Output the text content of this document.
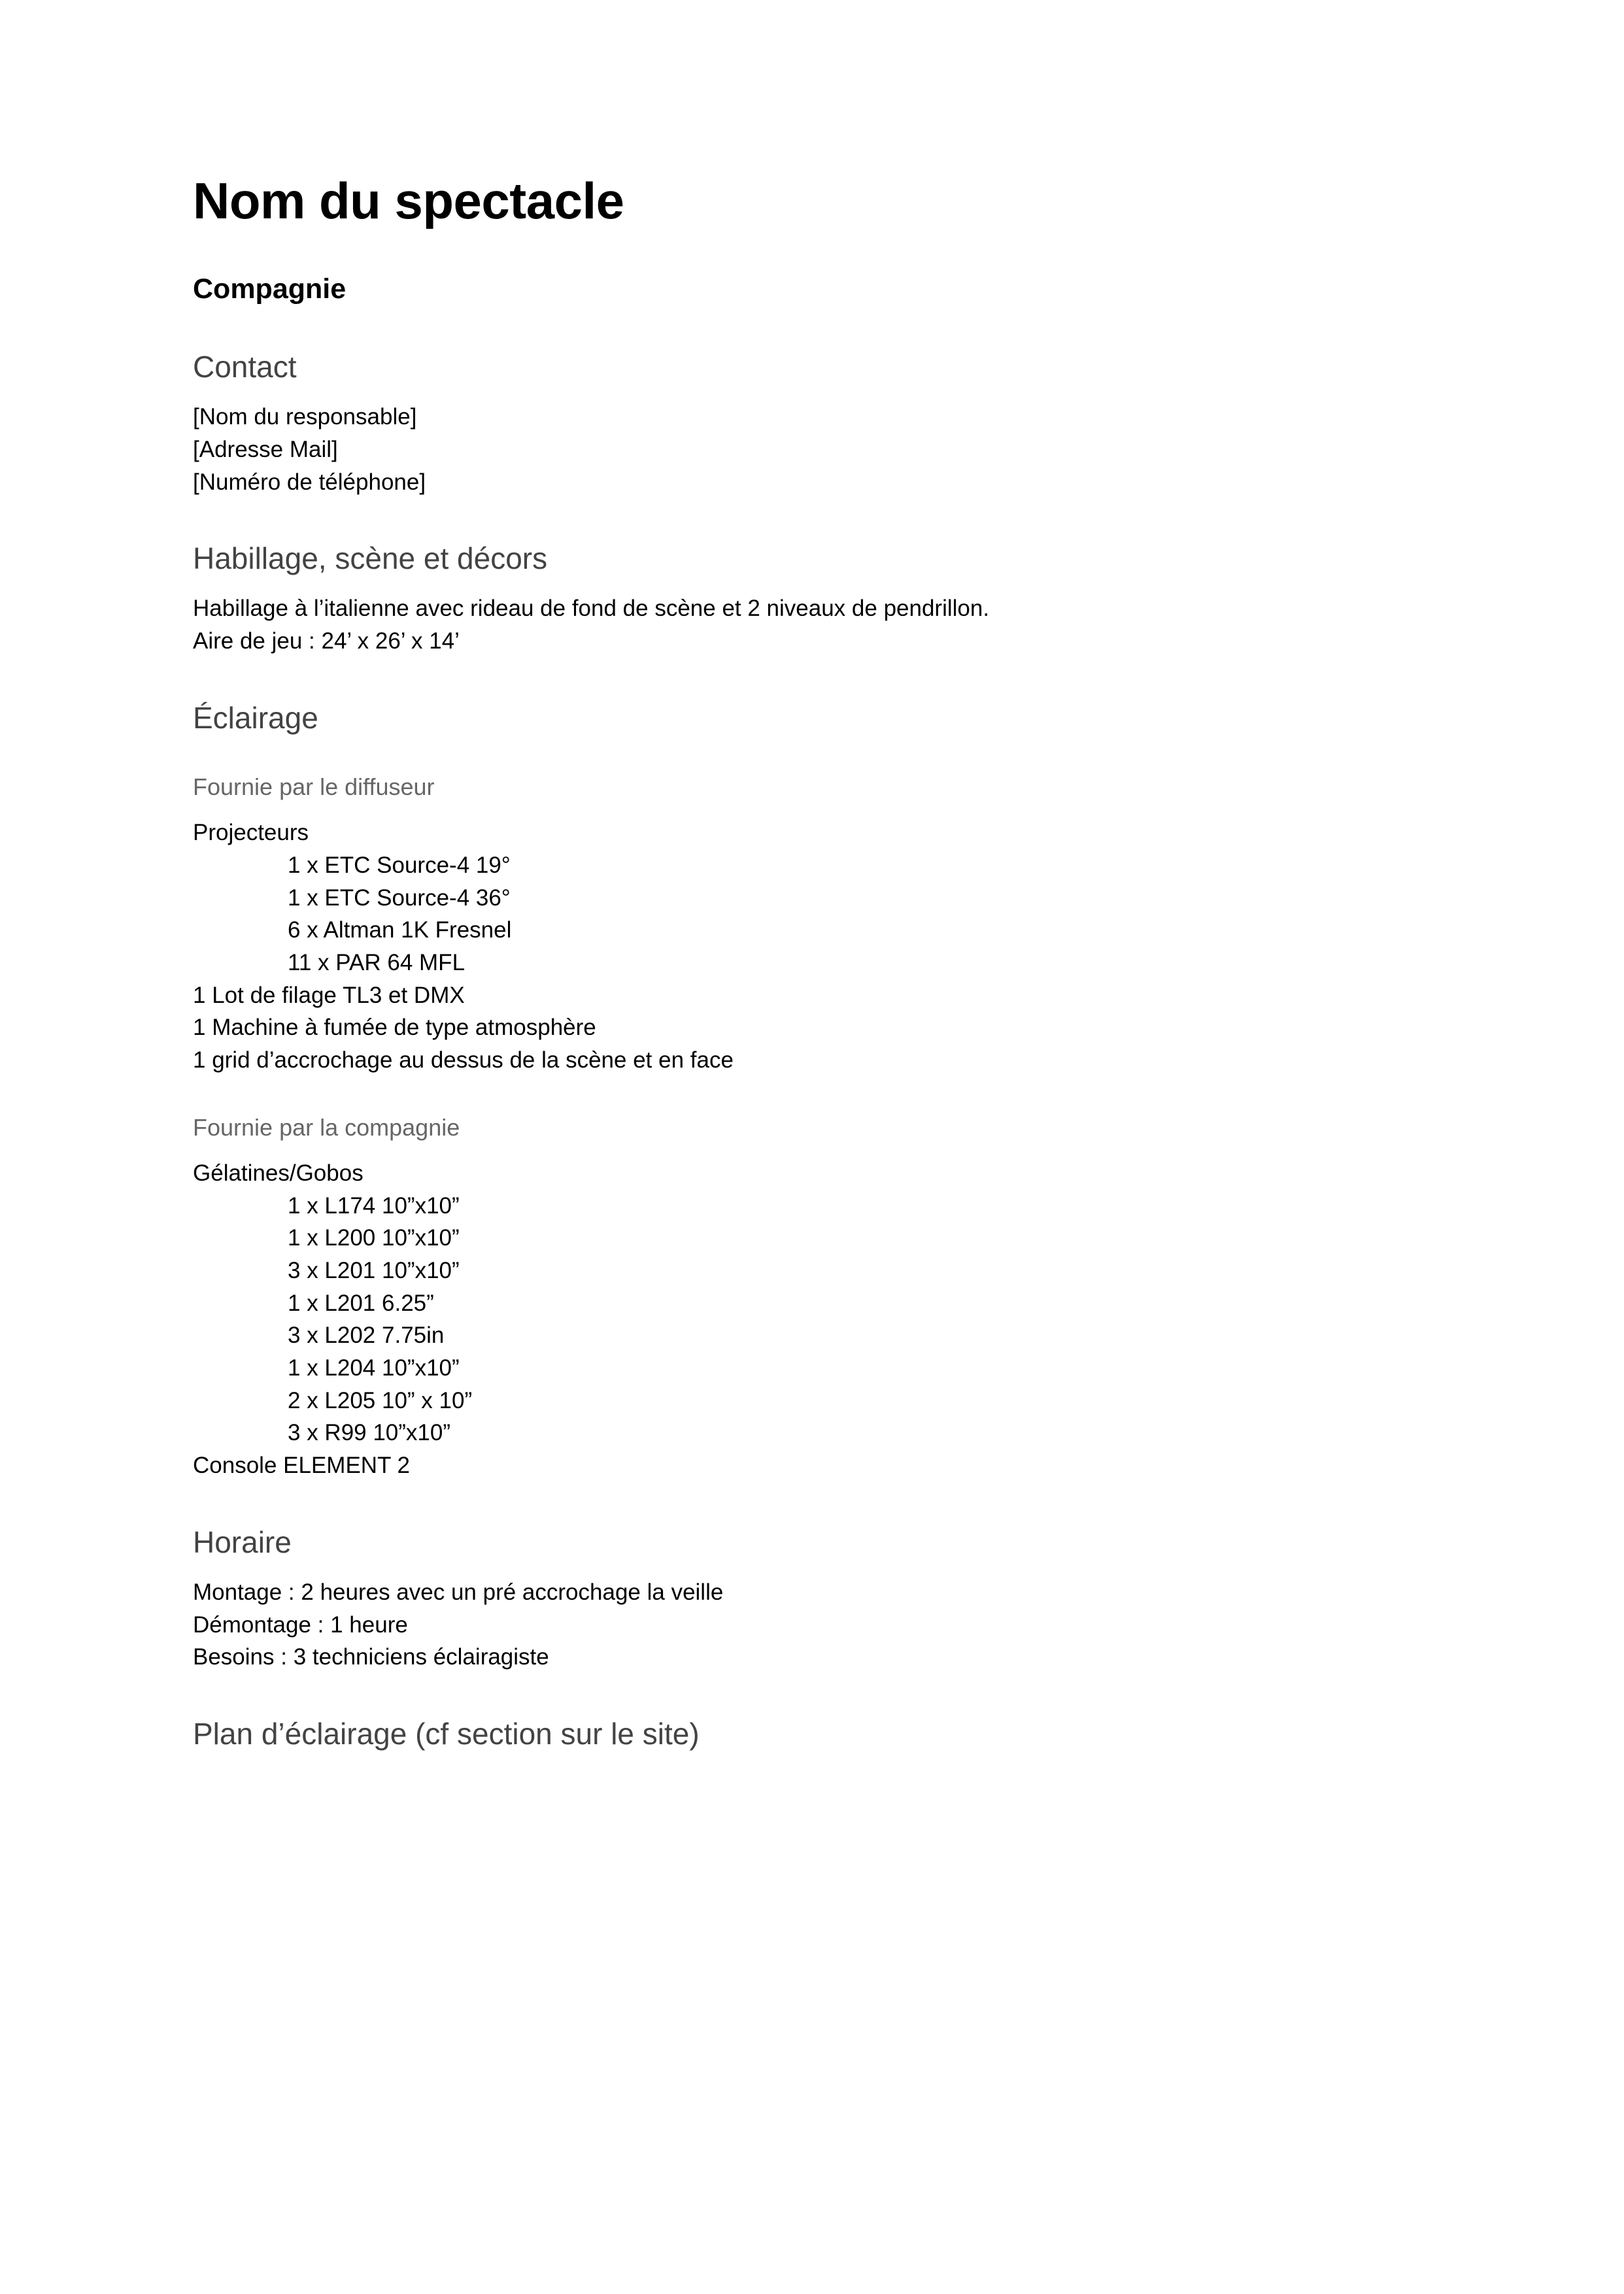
Nom du spectacle
Compagnie
Contact

[Nom du responsable]
[Adresse Mail]
[Numéro de téléphone]

Habillage, scène et décors

Habillage à l’italienne avec rideau de fond de scène et 2 niveaux de pendrillon.
Aire de jeu : 24’ x 26’ x 14’

Éclairage
Fournie par le diffuseur

Projecteurs
1 x ETC Source-4 19°
1 x ETC Source-4 36°
6 x Altman 1K Fresnel
11 x PAR 64 MFL
1 Lot de filage TL3 et DMX
1 Machine à fumée de type atmosphère
1 grid d’accrochage au dessus de la scène et en face

Fournie par la compagnie

Gélatines/Gobos
1 x L174 10”x10”
1 x L200 10”x10”
3 x L201 10”x10”
1 x L201 6.25”
3 x L202 7.75in
1 x L204 10”x10”
2 x L205 10” x 10”
3 x R99 10”x10”
Console ELEMENT 2

Horaire

Montage : 2 heures avec un pré accrochage la veille
Démontage : 1 heure
Besoins : 3 techniciens éclairagiste

Plan d’éclairage (cf section sur le site)
